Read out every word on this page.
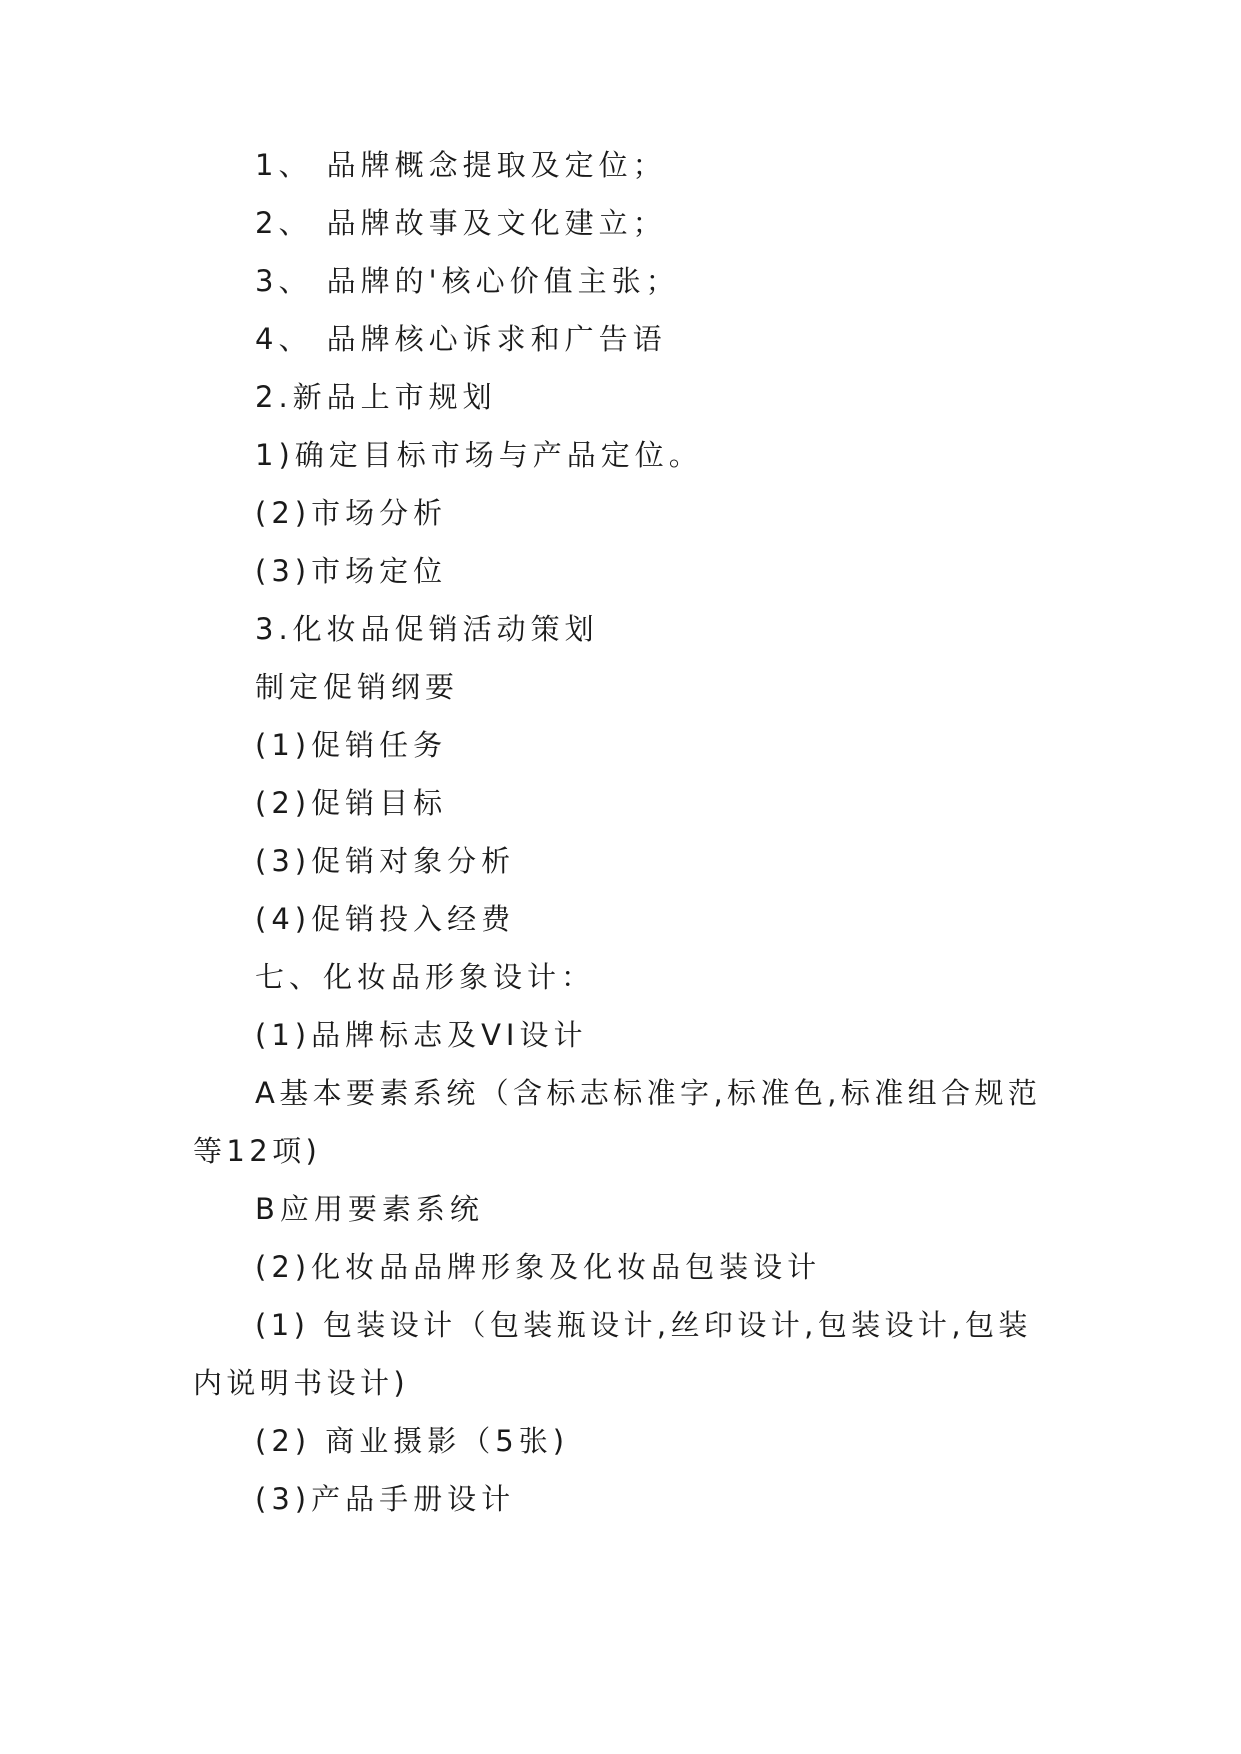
1、 品牌概念提取及定位；
2、 品牌故事及文化建立；
3、 品牌的'核心价值主张；
4、 品牌核心诉求和广告语
2.新品上市规划
1)确定目标市场与产品定位。
(2)市场分析
(3)市场定位
3.化妆品促销活动策划
制定促销纲要
(1)促销任务
(2)促销目标
(3)促销对象分析
(4)促销投入经费
七、化妆品形象设计：
(1)品牌标志及VI设计
A基本要素系统（含标志标准字,标准色,标准组合规范等12项)
B应用要素系统
(2)化妆品品牌形象及化妆品包装设计
(1) 包装设计（包装瓶设计,丝印设计,包装设计,包装内说明书设计)
(2) 商业摄影（5张)
(3)产品手册设计
